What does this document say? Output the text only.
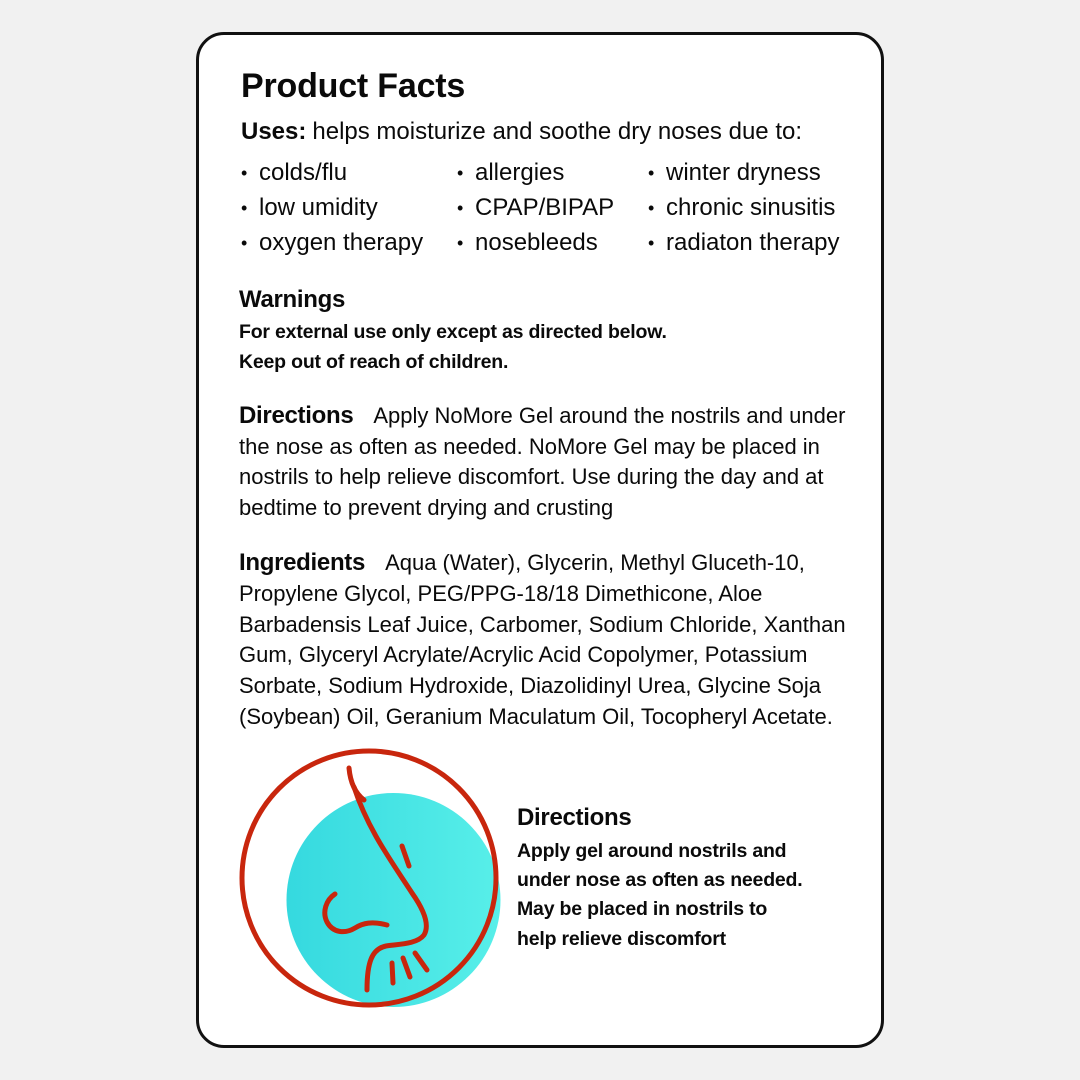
Product Facts
Uses: helps moisturize and soothe dry noses due to:
• colds/flu
• low umidity
• oxygen therapy
• allergies
• CPAP/BIPAP
• nosebleeds
• winter dryness
• chronic sinusitis
• radiaton therapy
Warnings
For external use only except as directed below.
Keep out of reach of children.
Directions Apply NoMore Gel around the nostrils and under
the nose as often as needed. NoMore Gel may be placed in
nostrils to help relieve discomfort. Use during the day and at
bedtime to prevent drying and crusting
Ingredients Aqua (Water), Glycerin, Methyl Gluceth-10,
Propylene Glycol, PEG/PPG-18/18 Dimethicone, Aloe
Barbadensis Leaf Juice, Carbomer, Sodium Chloride, Xanthan
Gum, Glyceryl Acrylate/Acrylic Acid Copolymer, Potassium
Sorbate, Sodium Hydroxide, Diazolidinyl Urea, Glycine Soja
(Soybean) Oil, Geranium Maculatum Oil, Tocopheryl Acetate.
Directions
Apply gel around nostrils and
under nose as often as needed.
May be placed in nostrils to
help relieve discomfort
